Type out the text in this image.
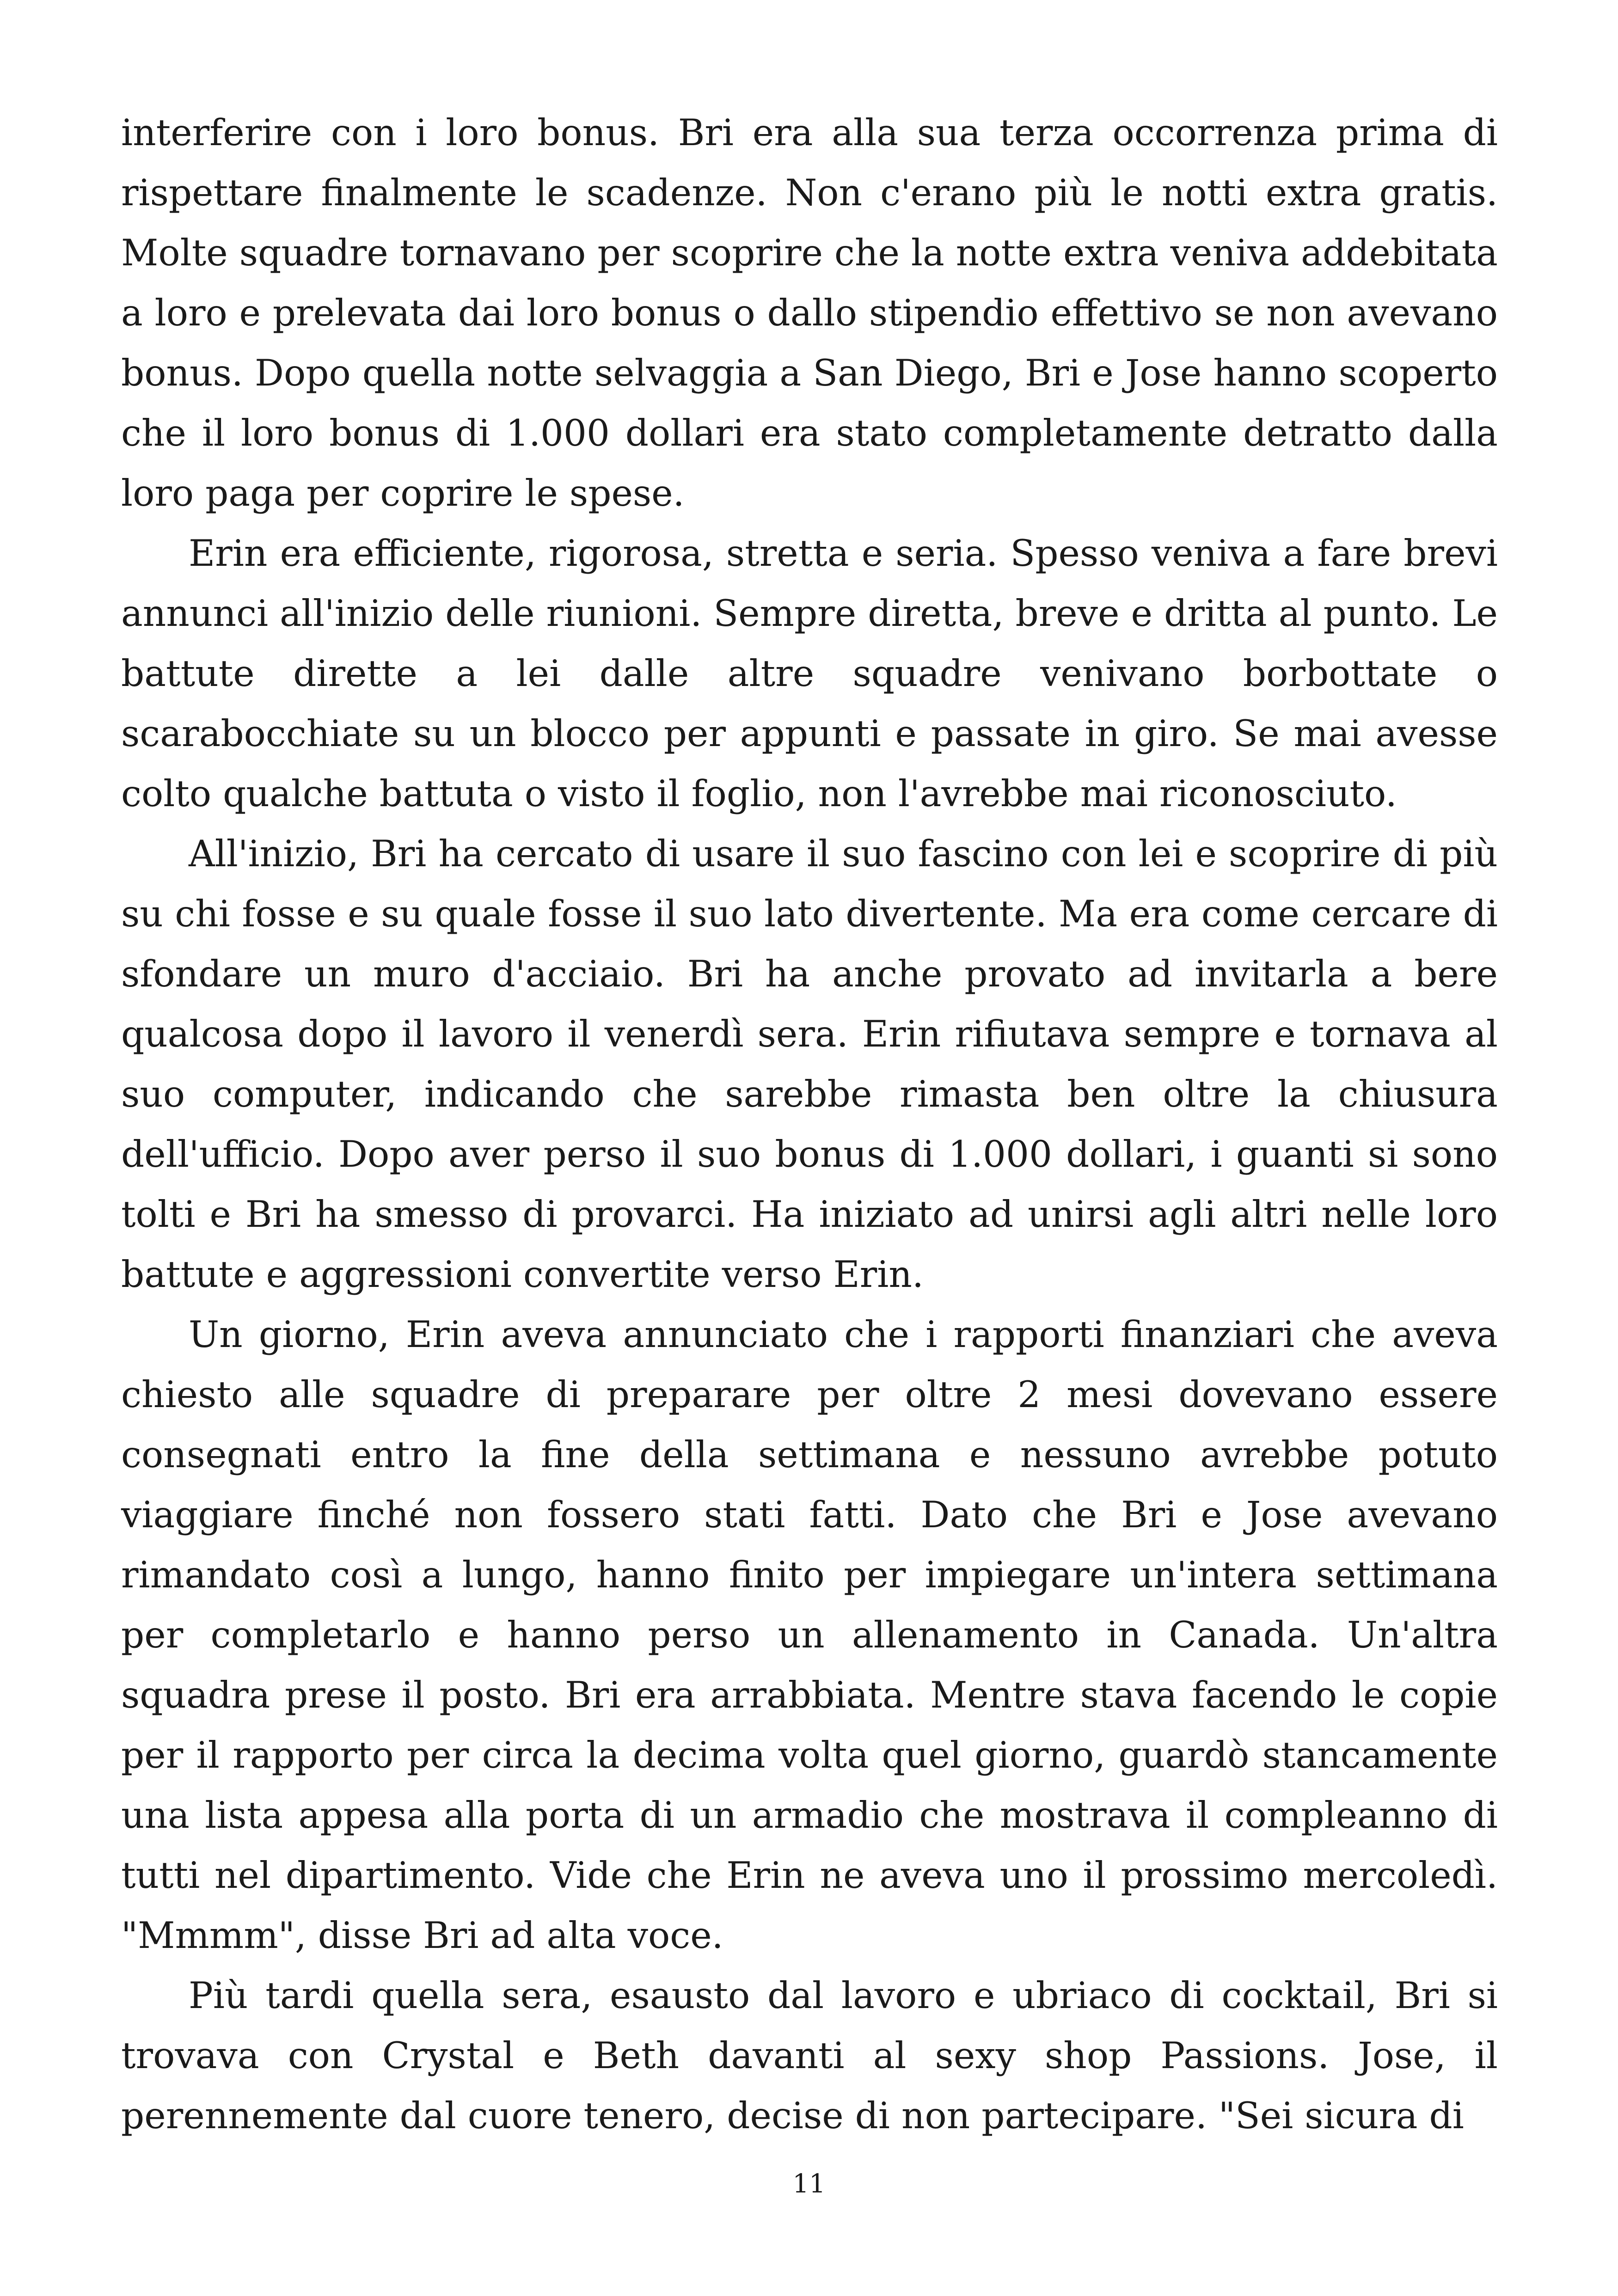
interferire con i loro bonus. Bri era alla sua terza occorrenza prima di rispettare finalmente le scadenze. Non c'erano più le notti extra gratis. Molte squadre tornavano per scoprire che la notte extra veniva addebitata a loro e prelevata dai loro bonus o dallo stipendio effettivo se non avevano bonus. Dopo quella notte selvaggia a San Diego, Bri e Jose hanno scoperto che il loro bonus di 1.000 dollari era stato completamente detratto dalla loro paga per coprire le spese.

Erin era efficiente, rigorosa, stretta e seria. Spesso veniva a fare brevi annunci all'inizio delle riunioni. Sempre diretta, breve e dritta al punto. Le battute dirette a lei dalle altre squadre venivano borbottate o scarabocchiate su un blocco per appunti e passate in giro. Se mai avesse colto qualche battuta o visto il foglio, non l'avrebbe mai riconosciuto.

All'inizio, Bri ha cercato di usare il suo fascino con lei e scoprire di più su chi fosse e su quale fosse il suo lato divertente. Ma era come cercare di sfondare un muro d'acciaio. Bri ha anche provato ad invitarla a bere qualcosa dopo il lavoro il venerdì sera. Erin rifiutava sempre e tornava al suo computer, indicando che sarebbe rimasta ben oltre la chiusura dell'ufficio. Dopo aver perso il suo bonus di 1.000 dollari, i guanti si sono tolti e Bri ha smesso di provarci. Ha iniziato ad unirsi agli altri nelle loro battute e aggressioni convertite verso Erin.

Un giorno, Erin aveva annunciato che i rapporti finanziari che aveva chiesto alle squadre di preparare per oltre 2 mesi dovevano essere consegnati entro la fine della settimana e nessuno avrebbe potuto viaggiare finché non fossero stati fatti. Dato che Bri e Jose avevano rimandato così a lungo, hanno finito per impiegare un'intera settimana per completarlo e hanno perso un allenamento in Canada. Un'altra squadra prese il posto. Bri era arrabbiata. Mentre stava facendo le copie per il rapporto per circa la decima volta quel giorno, guardò stancamente una lista appesa alla porta di un armadio che mostrava il compleanno di tutti nel dipartimento. Vide che Erin ne aveva uno il prossimo mercoledì. "Mmmm", disse Bri ad alta voce.

Più tardi quella sera, esausto dal lavoro e ubriaco di cocktail, Bri si trovava con Crystal e Beth davanti al sexy shop Passions. Jose, il perennemente dal cuore tenero, decise di non partecipare. "Sei sicura di

11
